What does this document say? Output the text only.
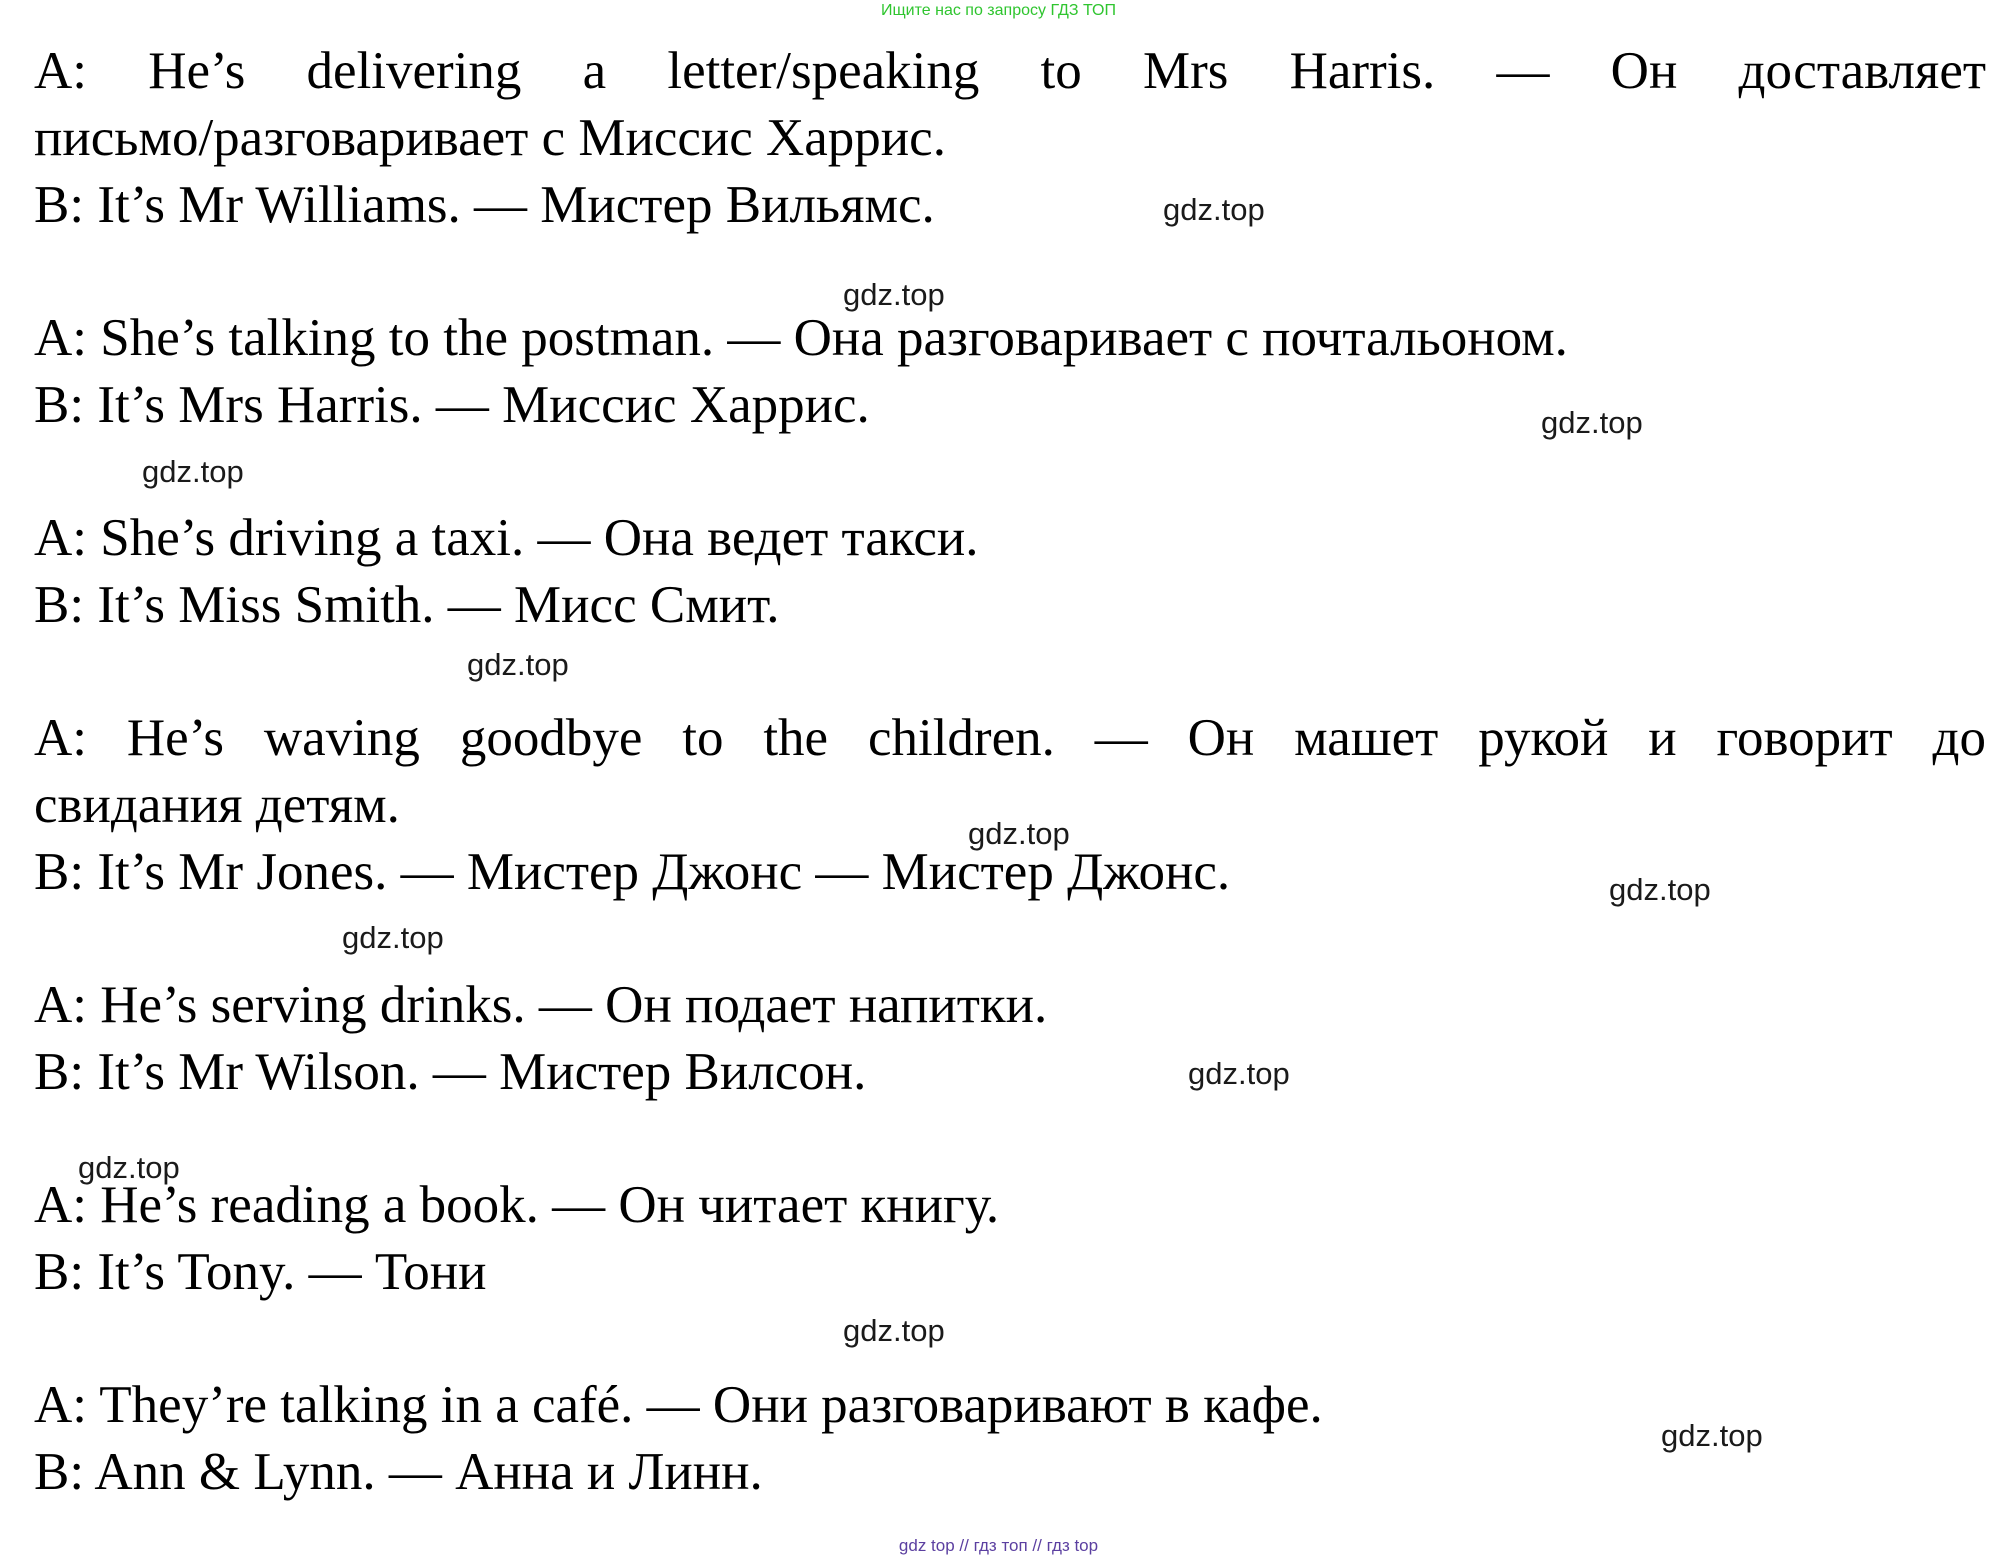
Ищите нас по запросу ГДЗ ТОП

A: He’s delivering a letter/speaking to Mrs Harris. — Он доставляет
письмо/разговаривает с Миссис Харрис.

B: It’s Mr Williams. — Мистер Вильямс.

A: She’s talking to the postman. — Она разговаривает с почтальоном.

B: It’s Mrs Harris. — Миссис Харрис.

A: She’s driving a taxi. — Она ведет такси.

B: It’s Miss Smith. — Мисс Смит.

A: He’s waving goodbye to the children. — Он машет рукой и говорит до
свидания детям.

B: It’s Mr Jones. — Мистер Джонс — Мистер Джонс.

A: He’s serving drinks. — Он подает напитки.

B: It’s Mr Wilson. — Мистер Вилсон.

A: He’s reading a book. — Он читает книгу.

B: It’s Tony. — Тони

A: They’re talking in a café. — Они разговаривают в кафе.

B: Ann & Lynn. — Анна и Линн.

gdz.top
gdz.top
gdz.top
gdz.top
gdz.top
gdz.top
gdz.top
gdz.top
gdz.top
gdz.top
gdz.top
gdz.top
gdz top // гдз топ // гдз top
